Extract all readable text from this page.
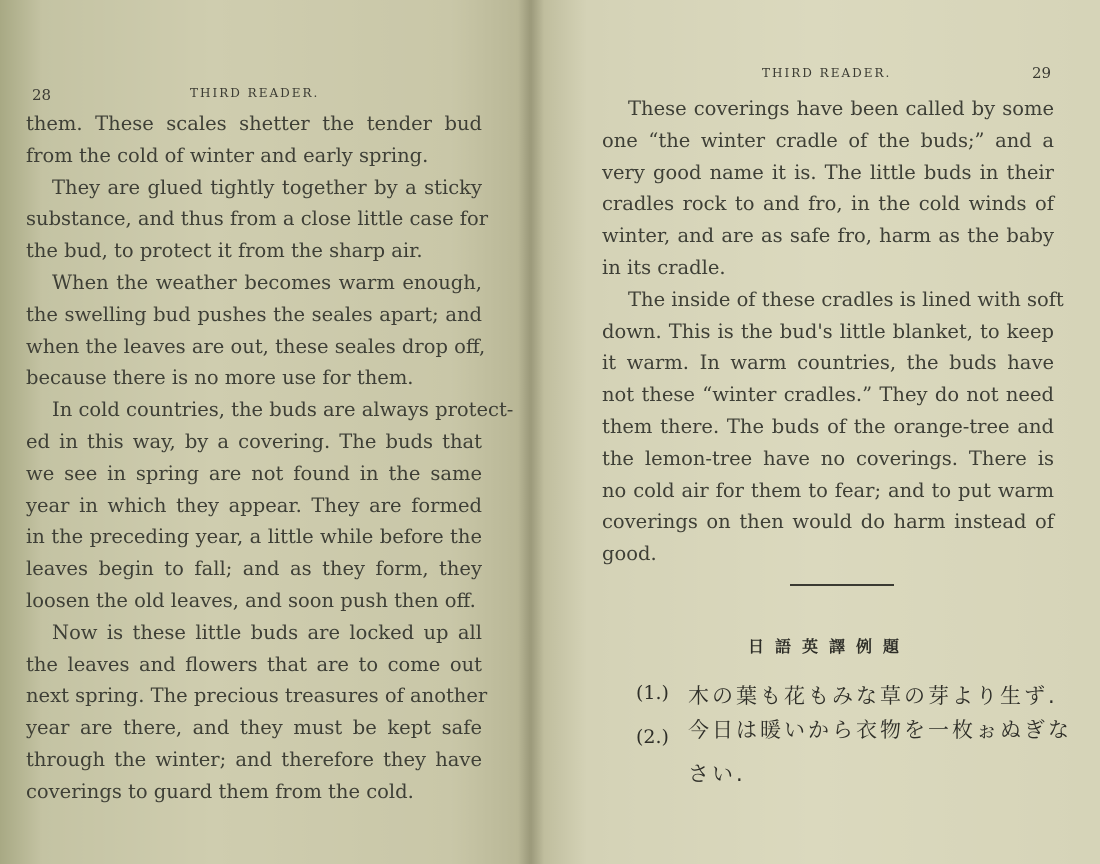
28	THIRD READER.
them. These scales shetter the tender bud
from the cold of winter and early spring.
They are glued tightly together by a sticky
substance, and thus from a close little case for
the bud, to protect it from the sharp air.
When the weather becomes warm enough,
the swelling bud pushes the seales apart; and
when the leaves are out, these seales drop off,
because there is no more use for them.
In cold countries, the buds are always protect-
ed in this way, by a covering. The buds that
we see in spring are not found in the same
year in which they appear. They are formed
in the preceding year, a little while before the
leaves begin to fall; and as they form, they
loosen the old leaves, and soon push then off.
Now is these little buds are locked up all
the leaves and flowers that are to come out
next spring. The precious treasures of another
year are there, and they must be kept safe
through the winter; and therefore they have
coverings to guard them from the cold.
THIRD READER.	29
These coverings have been called by some
one “the winter cradle of the buds;” and a
very good name it is. The little buds in their
cradles rock to and fro, in the cold winds of
winter, and are as safe fro, harm as the baby
in its cradle.
The inside of these cradles is lined with soft
down. This is the bud's little blanket, to keep
it warm. In warm countries, the buds have
not these “winter cradles.” They do not need
them there. The buds of the orange-tree and
the lemon-tree have no coverings. There is
no cold air for them to fear; and to put warm
coverings on then would do harm instead of
good.
日語英譯例題
(1.) 木の葉も花もみな草の芽より生ず.
(2.) 今日は暖いから衣物を一枚ぉぬぎな
さい.
